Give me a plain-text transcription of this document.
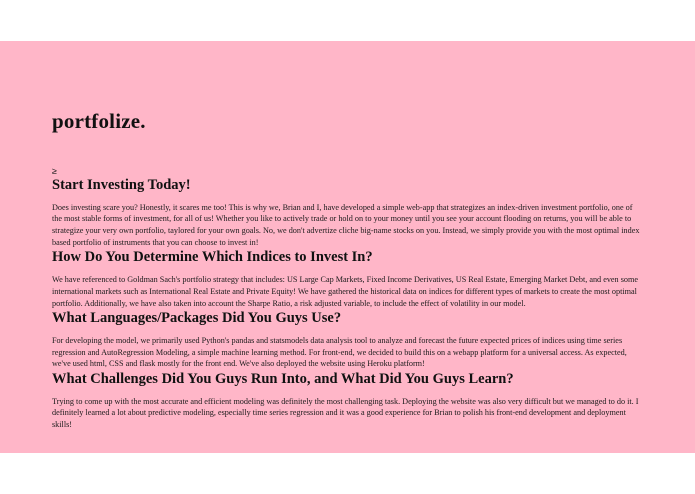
portfolize.
≥
Start Investing Today!

Does investing scare you? Honestly, it scares me too! This is why we, Brian and I, have developed a simple web-app that strategizes an index-driven investment portfolio, one of the most stable forms of investment, for all of us! Whether you like to actively trade or hold on to your money until you see your account flooding on returns, you will be able to strategize your very own portfolio, taylored for your own goals. No, we don't advertize cliche big-name stocks on you. Instead, we simply provide you with the most optimal index based portfolio of instruments that you can choose to invest in!

How Do You Determine Which Indices to Invest In?

We have referenced to Goldman Sach's portfolio strategy that includes: US Large Cap Markets, Fixed Income Derivatives, US Real Estate, Emerging Market Debt, and even some international markets such as International Real Estate and Private Equity! We have gathered the historical data on indices for different types of markets to create the most optimal portfolio. Additionally, we have also taken into account the Sharpe Ratio, a risk adjusted variable, to include the effect of volatility in our model.

What Languages/Packages Did You Guys Use?

For developing the model, we primarily used Python's pandas and statsmodels data analysis tool to analyze and forecast the future expected prices of indices using time series regression and AutoRegression Modeling, a simple machine learning method. For front-end, we decided to build this on a webapp platform for a universal access. As expected, we've used html, CSS and flask mostly for the front end. We've also deployed the website using Heroku platform!

What Challenges Did You Guys Run Into, and What Did You Guys Learn?

Trying to come up with the most accurate and efficient modeling was definitely the most challenging task. Deploying the website was also very difficult but we managed to do it. I definitely learned a lot about predictive modeling, especially time series regression and it was a good experience for Brian to polish his front-end development and deployment skills!
